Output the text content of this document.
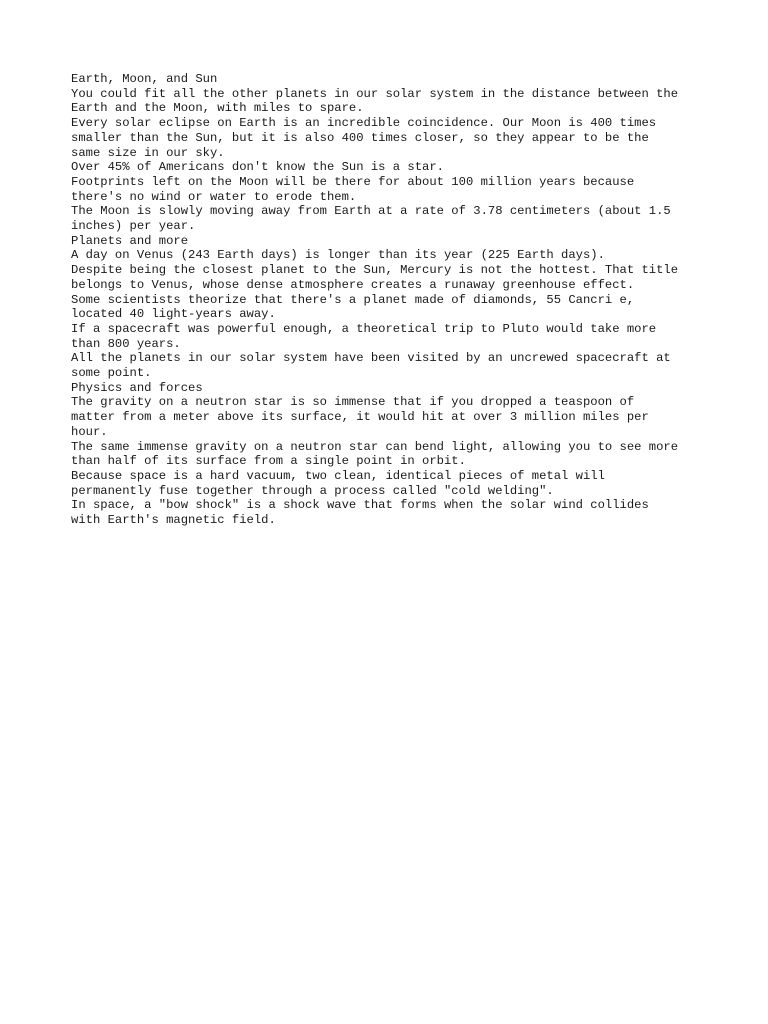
Earth, Moon, and Sun

You could fit all the other planets in our solar system in the distance between the
Earth and the Moon, with miles to spare.

Every solar eclipse on Earth is an incredible coincidence. Our Moon is 400 times
smaller than the Sun, but it is also 400 times closer, so they appear to be the
same size in our sky.

Over 45% of Americans don't know the Sun is a star.

Footprints left on the Moon will be there for about 100 million years because
there's no wind or water to erode them.

The Moon is slowly moving away from Earth at a rate of 3.78 centimeters (about 1.5
inches) per year.

Planets and more

A day on Venus (243 Earth days) is longer than its year (225 Earth days).

Despite being the closest planet to the Sun, Mercury is not the hottest. That title
belongs to Venus, whose dense atmosphere creates a runaway greenhouse effect.

Some scientists theorize that there's a planet made of diamonds, 55 Cancri e,
located 40 light-years away.

If a spacecraft was powerful enough, a theoretical trip to Pluto would take more
than 800 years.

All the planets in our solar system have been visited by an uncrewed spacecraft at
some point.

Physics and forces

The gravity on a neutron star is so immense that if you dropped a teaspoon of
matter from a meter above its surface, it would hit at over 3 million miles per
hour.

The same immense gravity on a neutron star can bend light, allowing you to see more
than half of its surface from a single point in orbit.

Because space is a hard vacuum, two clean, identical pieces of metal will
permanently fuse together through a process called "cold welding".

In space, a "bow shock" is a shock wave that forms when the solar wind collides
with Earth's magnetic field.
